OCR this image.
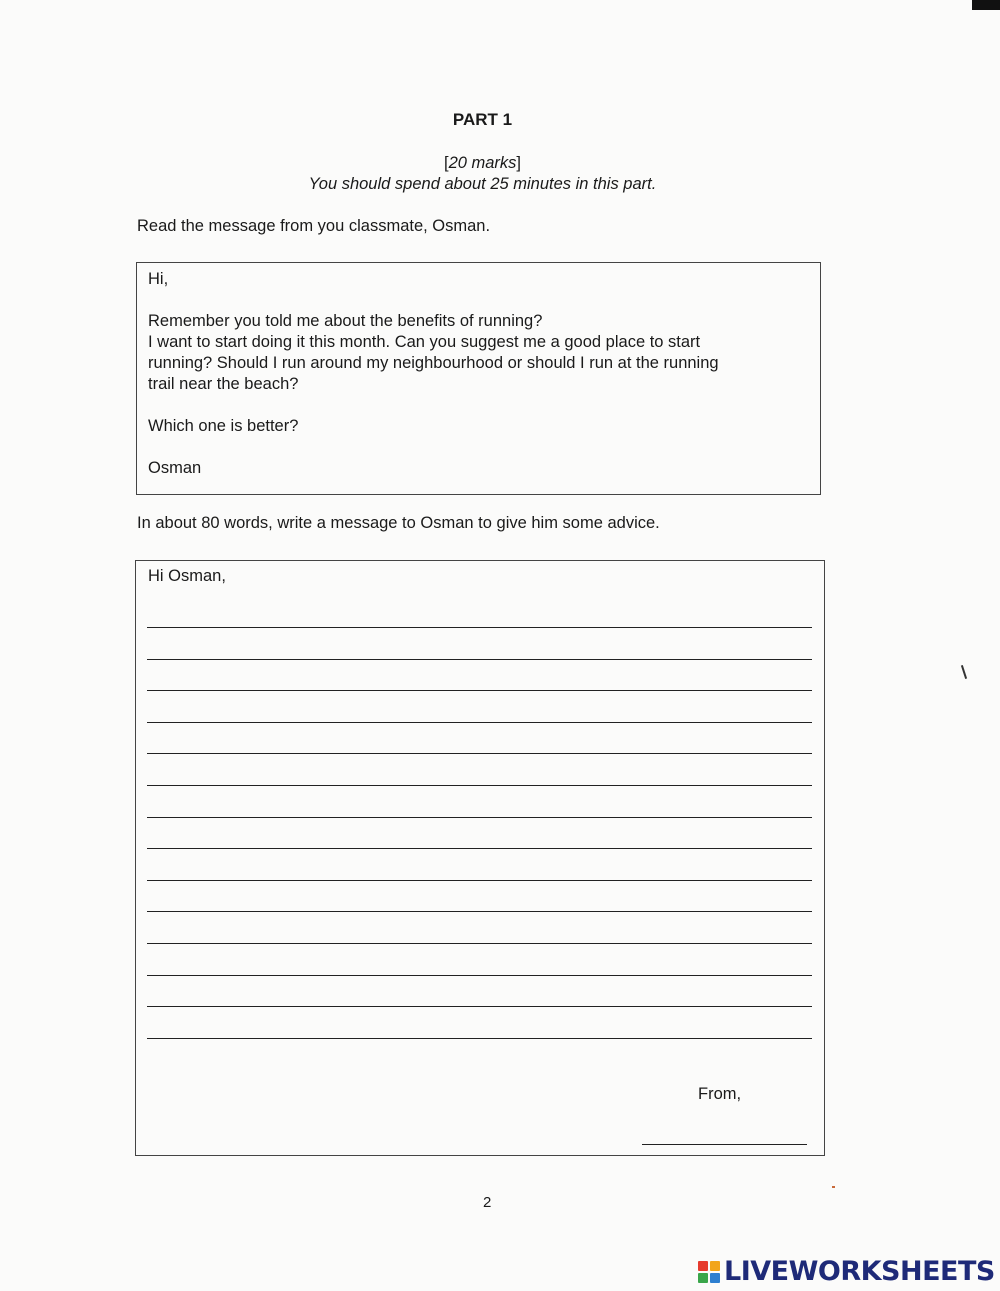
PART 1
[20 marks]
You should spend about 25 minutes in this part.
Read the message from you classmate, Osman.

Hi,

Remember you told me about the benefits of running?
I want to start doing it this month. Can you suggest me a good place to start
running? Should I run around my neighbourhood or should I run at the running
trail near the beach?

Which one is better?

Osman

In about 80 words, write a message to Osman to give him some advice.
Hi Osman,
From,
2
LIVEWORKSHEETS
